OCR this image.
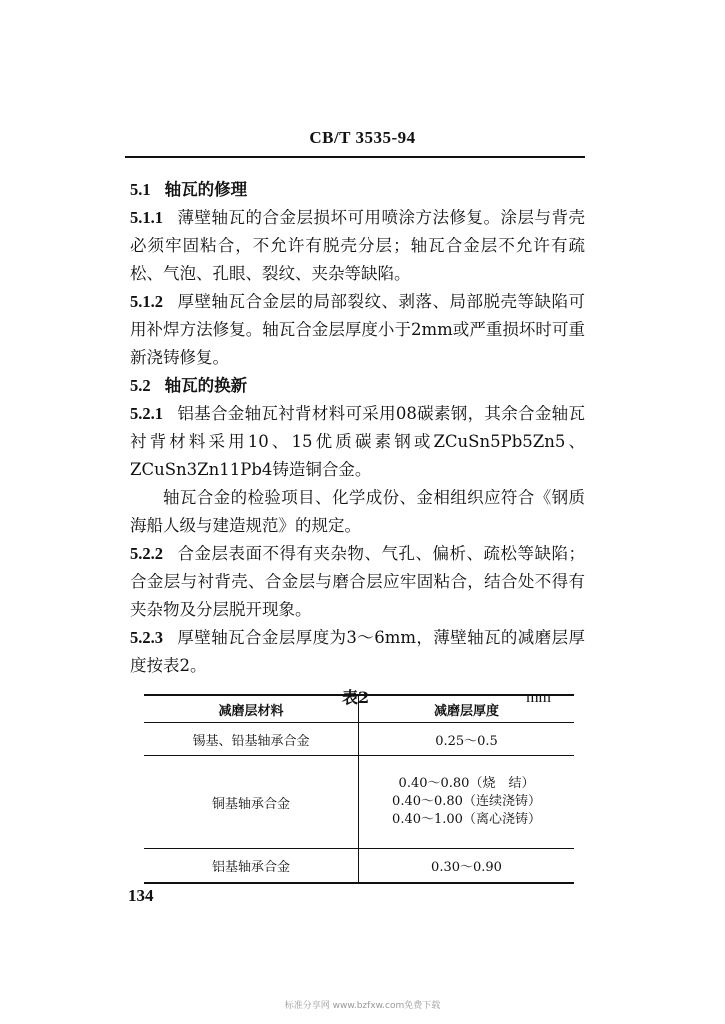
CB/T 3535-94

5.1 轴瓦的修理

5.1.1 薄壁轴瓦的合金层损坏可用喷涂方法修复。涂层与背壳必须牢固粘合，不允许有脱壳分层；轴瓦合金层不允许有疏松、气泡、孔眼、裂纹、夹杂等缺陷。

5.1.2 厚壁轴瓦合金层的局部裂纹、剥落、局部脱壳等缺陷可用补焊方法修复。轴瓦合金层厚度小于2mm或严重损坏时可重新浇铸修复。

5.2 轴瓦的换新

5.2.1 铝基合金轴瓦衬背材料可采用08碳素钢，其余合金轴瓦衬背材料采用10、15优质碳素钢或ZCuSn5Pb5Zn5、ZCuSn3Zn11Pb4铸造铜合金。

轴瓦合金的检验项目、化学成份、金相组织应符合《钢质海船人级与建造规范》的规定。

5.2.2 合金层表面不得有夹杂物、气孔、偏析、疏松等缺陷；合金层与衬背壳、合金层与磨合层应牢固粘合，结合处不得有夹杂物及分层脱开现象。

5.2.3 厚壁轴瓦合金层厚度为3～6mm，薄壁轴瓦的减磨层厚度按表2。

表2	mm
减磨层材料	减磨层厚度
锡基、铅基轴承合金	0.25～0.5
铜基轴承合金	0.40～0.80（烧　结）
0.40～0.80（连续浇铸）
0.40～1.00（离心浇铸）

铝基轴承合金	0.30～0.90
134
标准分享网 www.bzfxw.com免费下载
